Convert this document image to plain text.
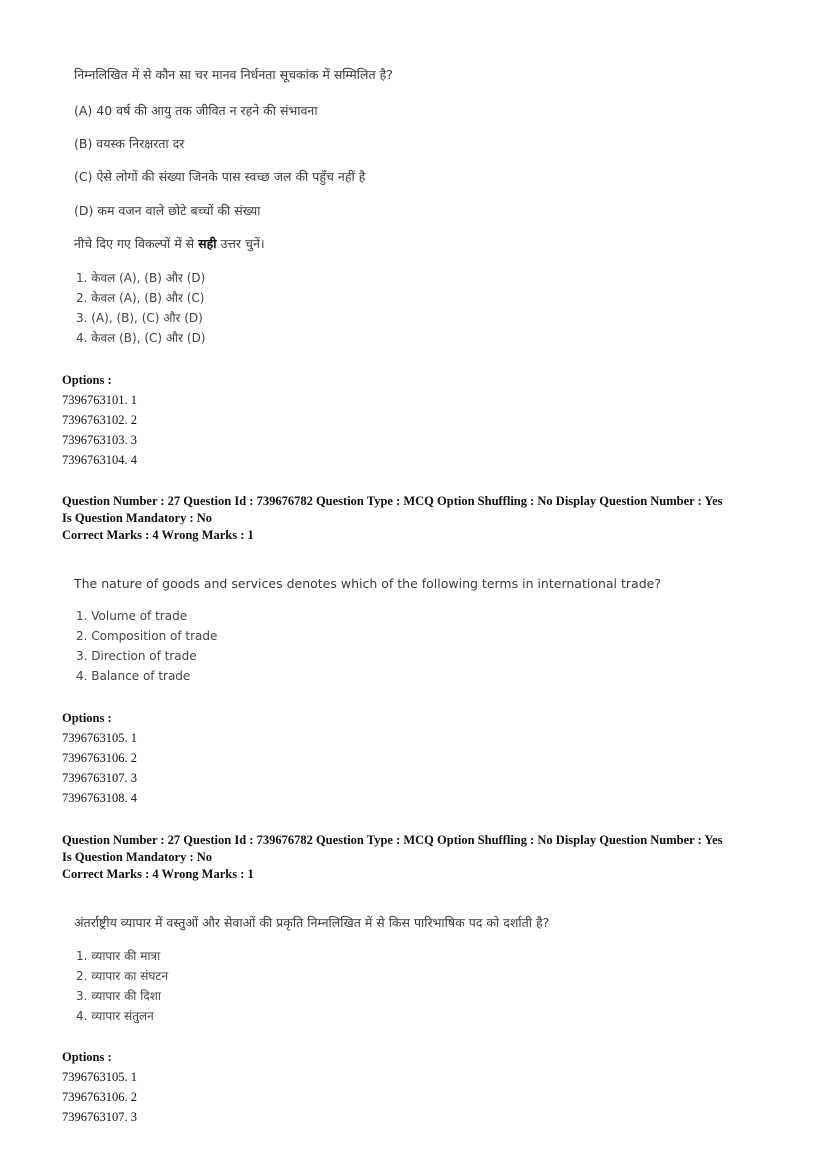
निम्नलिखित में से कौन सा चर मानव निर्धनता सूचकांक में सम्मिलित है?
(A) 40 वर्ष की आयु तक जीवित न रहने की संभावना
(B) वयस्क निरक्षरता दर
(C) ऐसे लोगों की संख्या जिनके पास स्वच्छ जल की पहुँच नहीं है
(D) कम वजन वाले छोटे बच्चों की संख्या
नीचे दिए गए विकल्पों में से सही उत्तर चुनें।
1. केवल (A), (B) और (D)
2. केवल (A), (B) और (C)
3. (A), (B), (C) और (D)
4. केवल (B), (C) और (D)
Options :
7396763101. 1
7396763102. 2
7396763103. 3
7396763104. 4
Question Number : 27 Question Id : 739676782 Question Type : MCQ Option Shuffling : No Display Question Number : Yes
Is Question Mandatory : No
Correct Marks : 4 Wrong Marks : 1
The nature of goods and services denotes which of the following terms in international trade?
1. Volume of trade
2. Composition of trade
3. Direction of trade
4. Balance of trade
Options :
7396763105. 1
7396763106. 2
7396763107. 3
7396763108. 4
Question Number : 27 Question Id : 739676782 Question Type : MCQ Option Shuffling : No Display Question Number : Yes
Is Question Mandatory : No
Correct Marks : 4 Wrong Marks : 1
अंतर्राष्ट्रीय व्यापार में वस्तुओं और सेवाओं की प्रकृति निम्नलिखित में से किस पारिभाषिक पद को दर्शाती है?
1. व्यापार की मात्रा
2. व्यापार का संघटन
3. व्यापार की दिशा
4. व्यापार संतुलन
Options :
7396763105. 1
7396763106. 2
7396763107. 3
